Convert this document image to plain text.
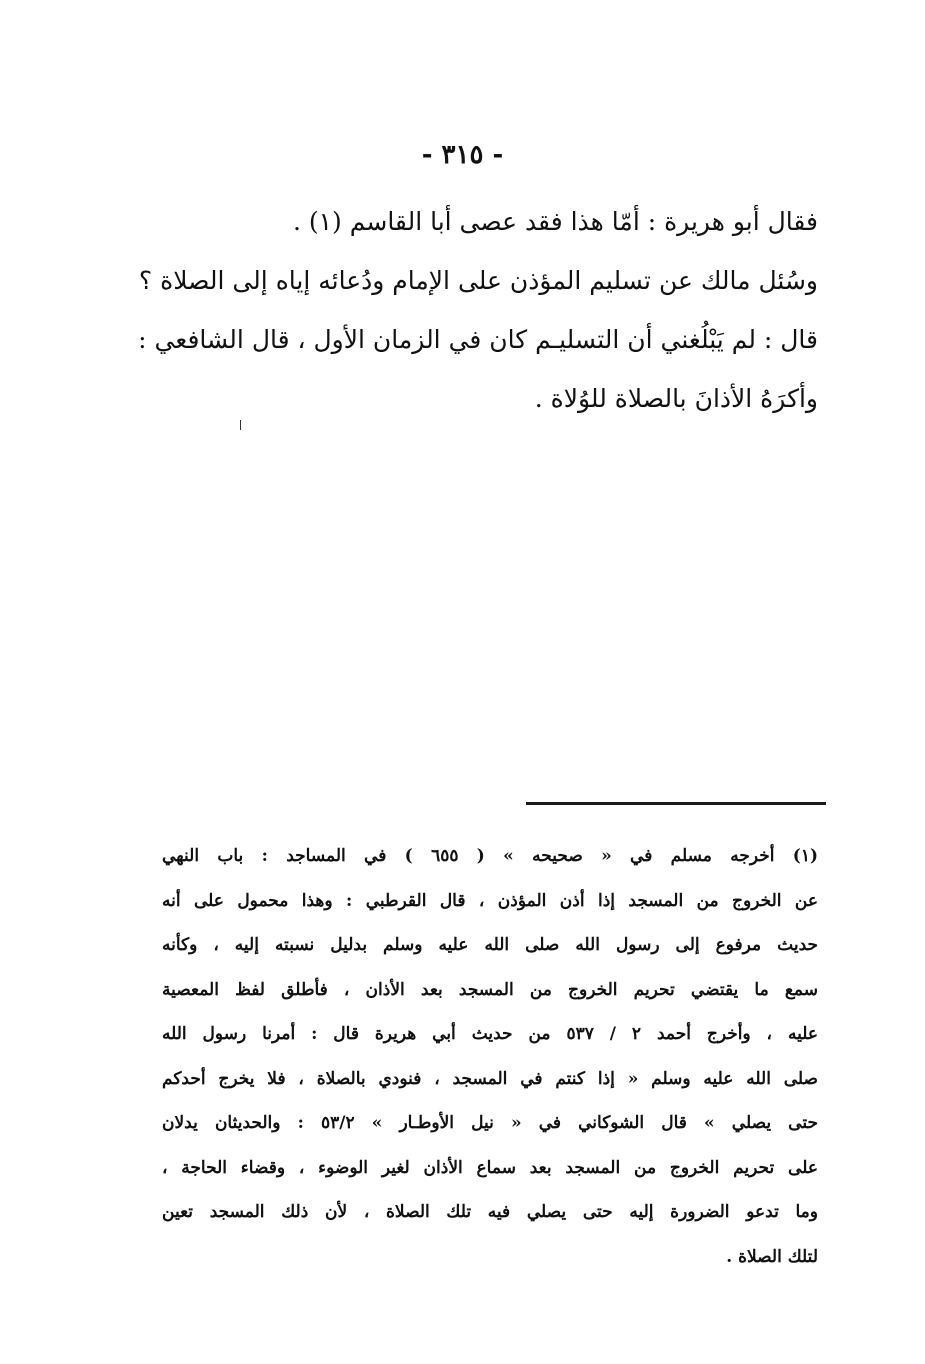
- ٣١٥ -
فقال أبو هريرة : أمّا هذا فقد عصى أبا القاسم (١) .
وسُئل مالك عن تسليم المؤذن على الإمام ودُعائه إياه إلى الصلاة ؟
قال : لم يَبْلُغني أن التسليـم كان في الزمان الأول ، قال الشافعي :
وأكرَهُ الأذانَ بالصلاة للوُلاة .
(١) أخرجه مسلم في « صحيحه » ( ٦٥٥ ) في المساجد : باب النهي
عن الخروج من المسجد إذا أذن المؤذن ، قال القرطبي : وهذا محمول على أنه
حديث مرفوع إلى رسول الله صلى الله عليه وسلم بدليل نسبته إليه ، وكأنه
سمع ما يقتضي تحريم الخروج من المسجد بعد الأذان ، فأطلق لفظ المعصية
عليه ، وأخرج أحمد ٢ / ٥٣٧ من حديث أبي هريرة قال : أمرنا رسول الله
صلى الله عليه وسلم « إذا كنتم في المسجد ، فنودي بالصلاة ، فلا يخرج أحدكم
حتى يصلي » قال الشوكاني في « نيل الأوطـار » ٥٣/٢ : والحديثان يدلان
على تحريم الخروج من المسجد بعد سماع الأذان لغير الوضوء ، وقضاء الحاجة ،
وما تدعو الضرورة إليه حتى يصلي فيه تلك الصلاة ، لأن ذلك المسجد تعين
لتلك الصلاة .
